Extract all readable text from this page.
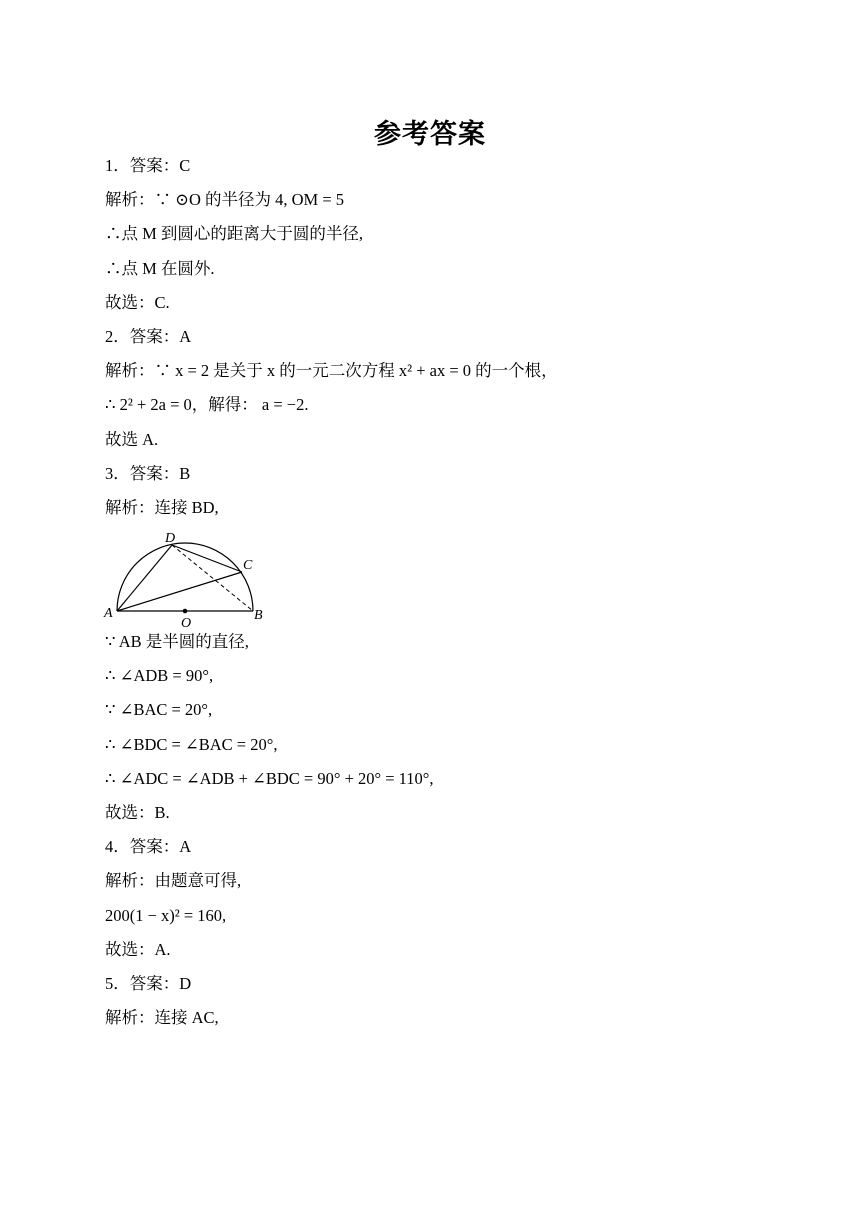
参考答案
1．答案：C
解析：∵ ⊙O 的半径为 4, OM = 5
∴点 M 到圆心的距离大于圆的半径,
∴点 M 在圆外.
故选：C.
2．答案：A
解析：∵ x = 2 是关于 x 的一元二次方程 x² + ax = 0 的一个根，
∴ 2² + 2a = 0，解得： a = −2.
故选 A.
3．答案：B
解析：连接 BD,
A	B
C
D
O
∵ AB 是半圆的直径,
∴ ∠ADB = 90°,
∵ ∠BAC = 20°,
∴ ∠BDC = ∠BAC = 20°,
∴ ∠ADC = ∠ADB + ∠BDC = 90° + 20° = 110°,
故选：B.
4．答案：A
解析：由题意可得,
200(1 − x)² = 160,
故选：A.
5．答案：D
解析：连接 AC,
